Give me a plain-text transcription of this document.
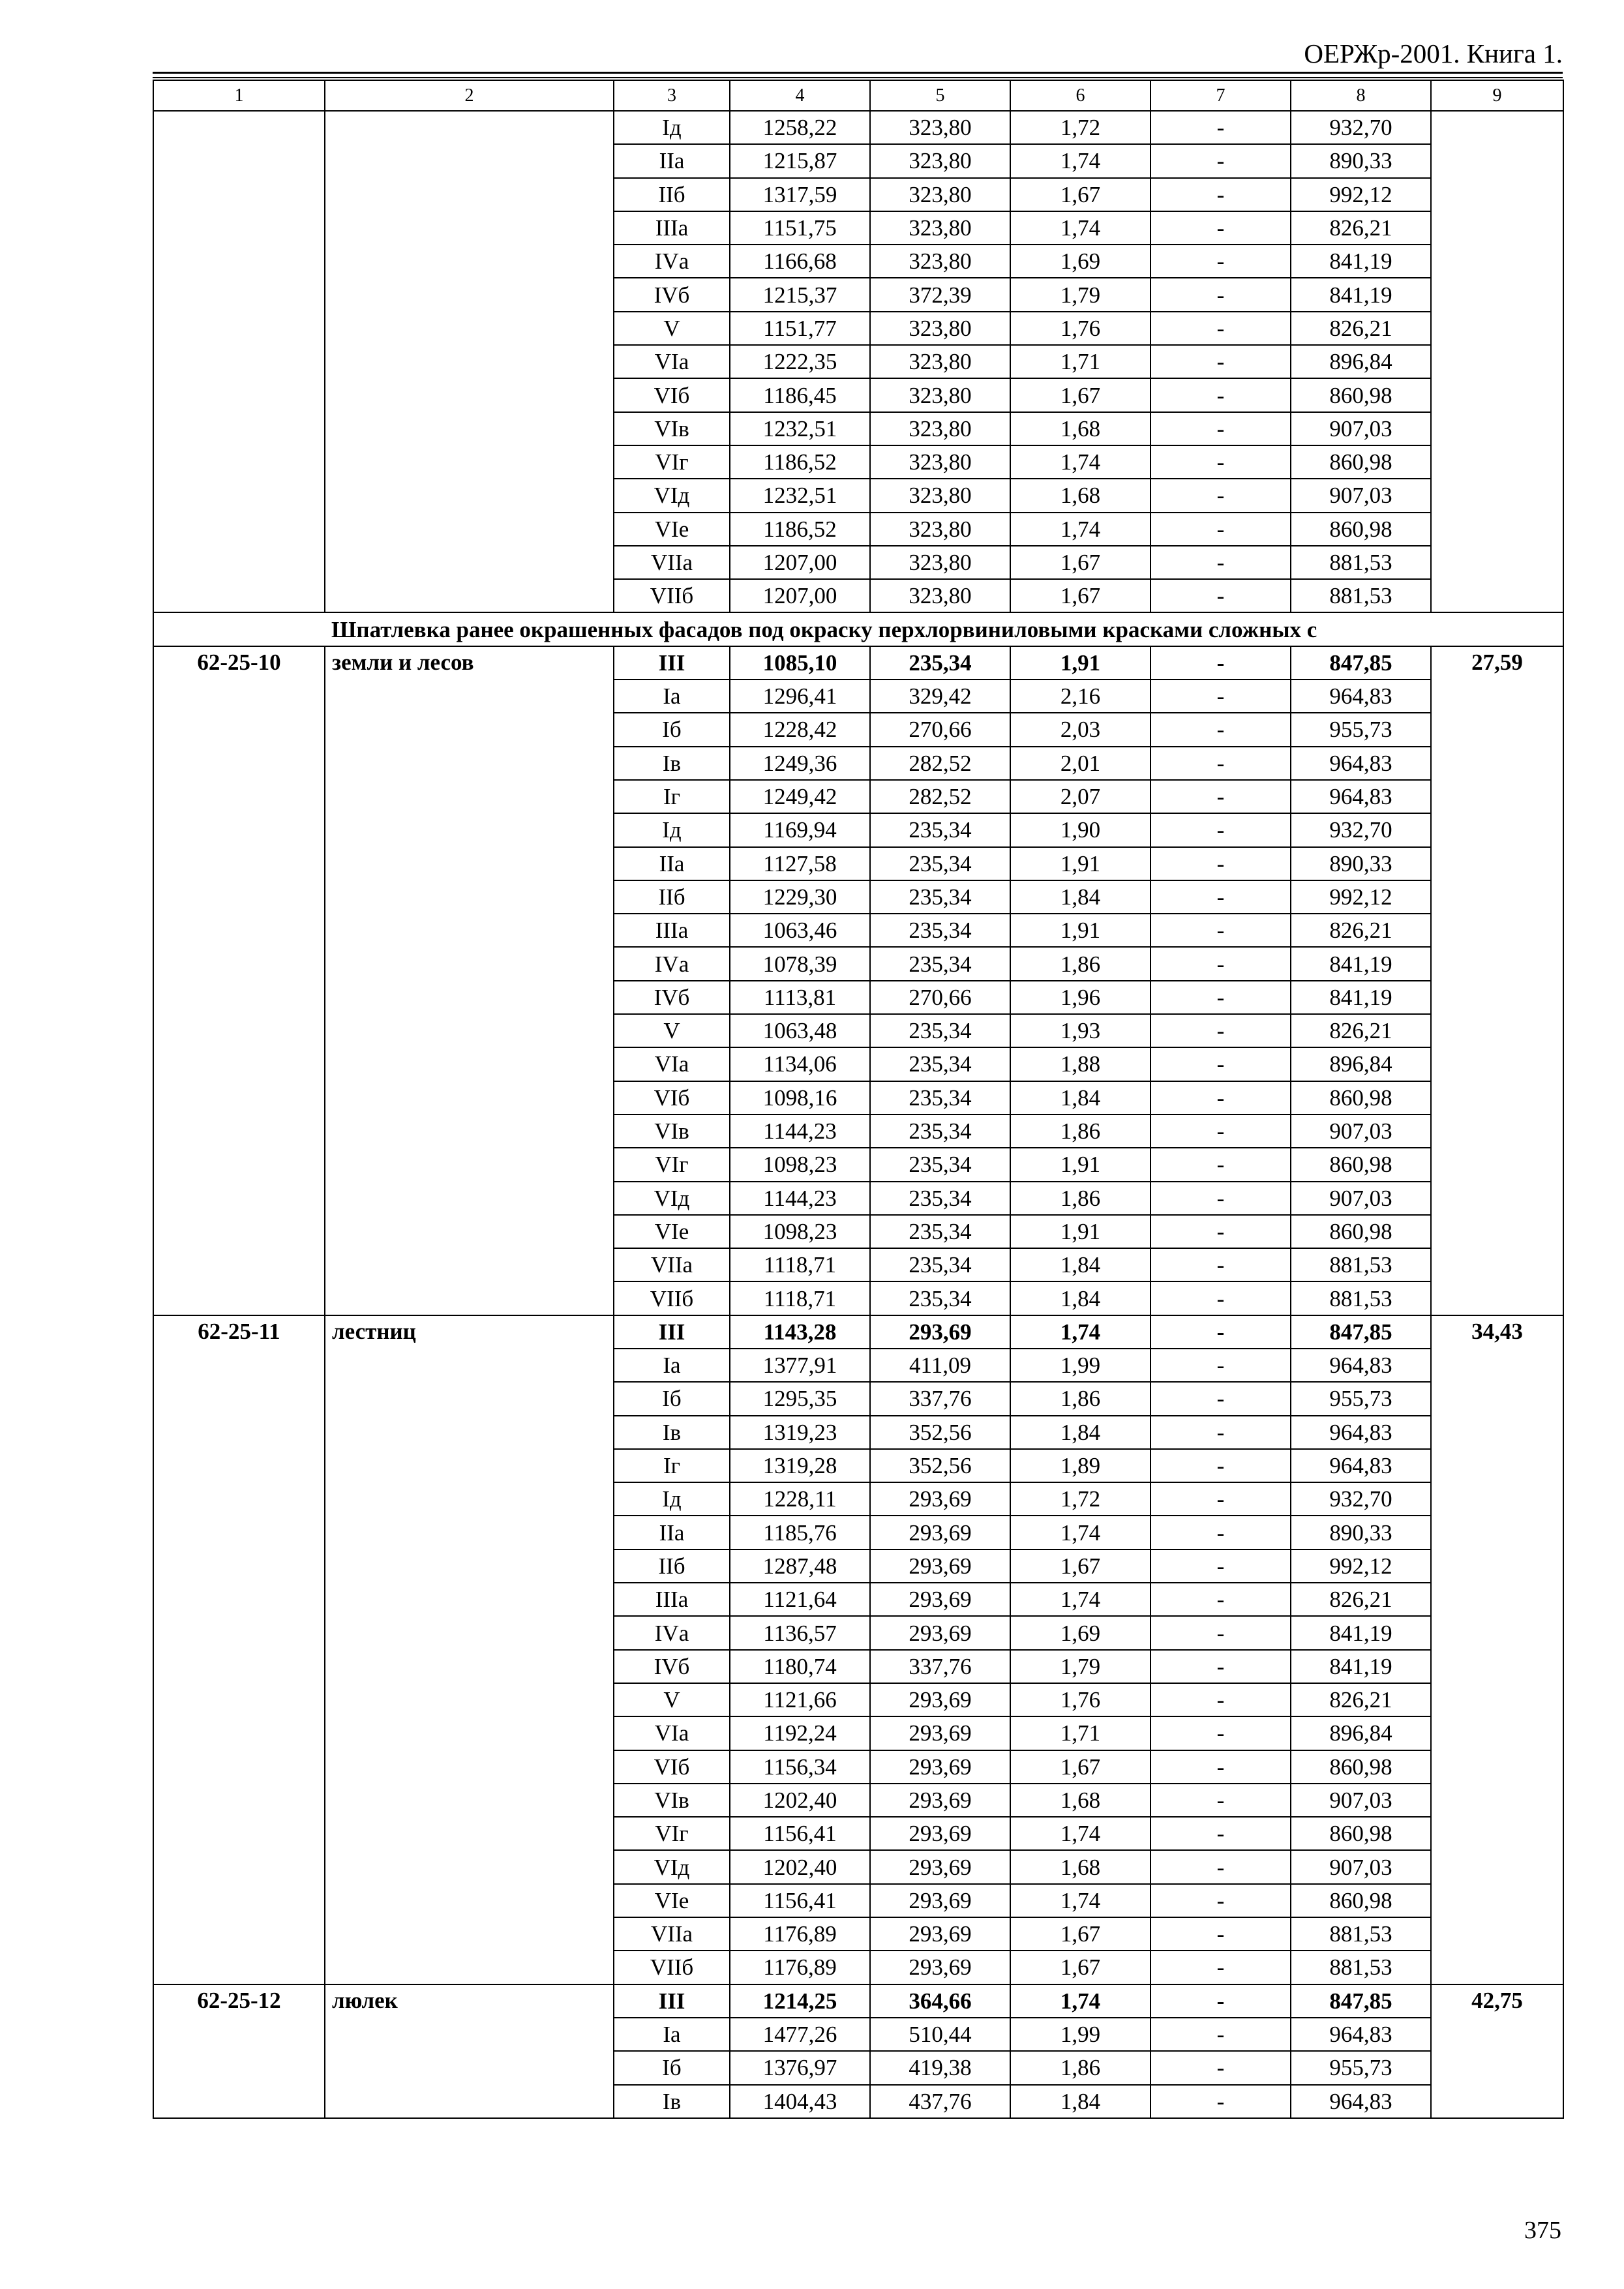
ОЕРЖр-2001. Книга 1.
1	2	3	4	5	6	7	8	9
		Iд	1258,22	323,80	1,72	-	932,70	
		IIа	1215,87	323,80	1,74	-	890,33	
		IIб	1317,59	323,80	1,67	-	992,12	
		IIIа	1151,75	323,80	1,74	-	826,21	
		IVа	1166,68	323,80	1,69	-	841,19	
		IVб	1215,37	372,39	1,79	-	841,19	
		V	1151,77	323,80	1,76	-	826,21	
		VIа	1222,35	323,80	1,71	-	896,84	
		VIб	1186,45	323,80	1,67	-	860,98	
		VIв	1232,51	323,80	1,68	-	907,03	
		VIг	1186,52	323,80	1,74	-	860,98	
		VIд	1232,51	323,80	1,68	-	907,03	
		VIе	1186,52	323,80	1,74	-	860,98	
		VIIа	1207,00	323,80	1,67	-	881,53	
		VIIб	1207,00	323,80	1,67	-	881,53	
Шпатлевка ранее окрашенных фасадов под окраску перхлорвиниловыми красками сложных с								
62-25-10	земли и лесов	III	1085,10	235,34	1,91	-	847,85	27,59
		Iа	1296,41	329,42	2,16	-	964,83	
		Iб	1228,42	270,66	2,03	-	955,73	
		Iв	1249,36	282,52	2,01	-	964,83	
		Iг	1249,42	282,52	2,07	-	964,83	
		Iд	1169,94	235,34	1,90	-	932,70	
		IIа	1127,58	235,34	1,91	-	890,33	
		IIб	1229,30	235,34	1,84	-	992,12	
		IIIа	1063,46	235,34	1,91	-	826,21	
		IVа	1078,39	235,34	1,86	-	841,19	
		IVб	1113,81	270,66	1,96	-	841,19	
		V	1063,48	235,34	1,93	-	826,21	
		VIа	1134,06	235,34	1,88	-	896,84	
		VIб	1098,16	235,34	1,84	-	860,98	
		VIв	1144,23	235,34	1,86	-	907,03	
		VIг	1098,23	235,34	1,91	-	860,98	
		VIд	1144,23	235,34	1,86	-	907,03	
		VIе	1098,23	235,34	1,91	-	860,98	
		VIIа	1118,71	235,34	1,84	-	881,53	
		VIIб	1118,71	235,34	1,84	-	881,53	
62-25-11	лестниц	III	1143,28	293,69	1,74	-	847,85	34,43
		Iа	1377,91	411,09	1,99	-	964,83	
		Iб	1295,35	337,76	1,86	-	955,73	
		Iв	1319,23	352,56	1,84	-	964,83	
		Iг	1319,28	352,56	1,89	-	964,83	
		Iд	1228,11	293,69	1,72	-	932,70	
		IIа	1185,76	293,69	1,74	-	890,33	
		IIб	1287,48	293,69	1,67	-	992,12	
		IIIа	1121,64	293,69	1,74	-	826,21	
		IVа	1136,57	293,69	1,69	-	841,19	
		IVб	1180,74	337,76	1,79	-	841,19	
		V	1121,66	293,69	1,76	-	826,21	
		VIа	1192,24	293,69	1,71	-	896,84	
		VIб	1156,34	293,69	1,67	-	860,98	
		VIв	1202,40	293,69	1,68	-	907,03	
		VIг	1156,41	293,69	1,74	-	860,98	
		VIд	1202,40	293,69	1,68	-	907,03	
		VIе	1156,41	293,69	1,74	-	860,98	
		VIIа	1176,89	293,69	1,67	-	881,53	
		VIIб	1176,89	293,69	1,67	-	881,53	
62-25-12	люлек	III	1214,25	364,66	1,74	-	847,85	42,75
		Iа	1477,26	510,44	1,99	-	964,83	
		Iб	1376,97	419,38	1,86	-	955,73	
		Iв	1404,43	437,76	1,84	-	964,83	
375
